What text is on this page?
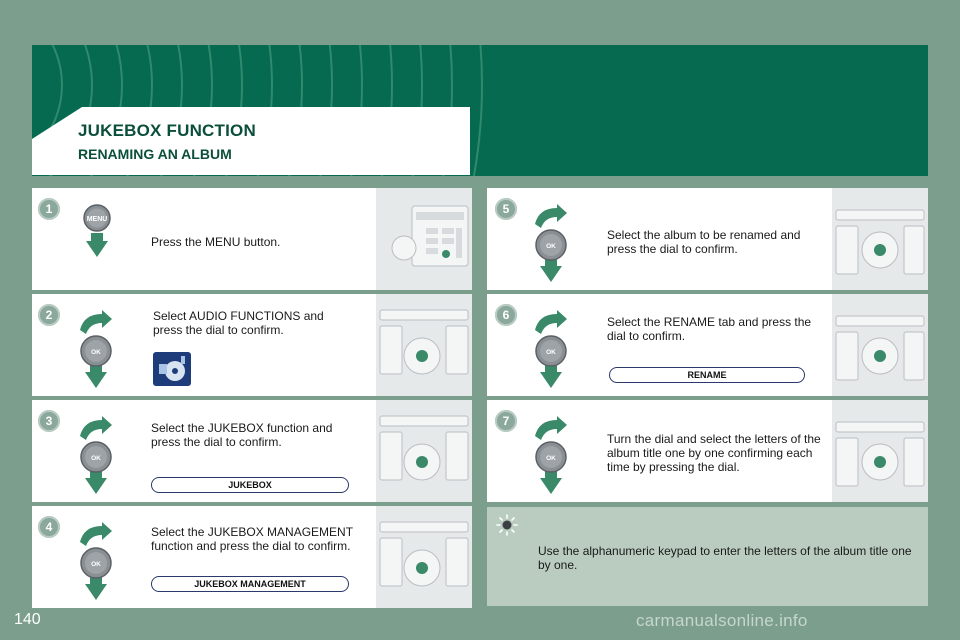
JUKEBOX FUNCTION
RENAMING AN ALBUM
1
MENU
Press the MENU button.
2
OK
Select AUDIO FUNCTIONS and press the dial to confirm.
3
OK
Select the JUKEBOX function and press the dial to confirm.
JUKEBOX
4
OK
Select the JUKEBOX MANAGEMENT function and press the dial to confirm.
JUKEBOX MANAGEMENT
5
OK
Select the album to be renamed and press the dial to confirm.
6
OK
Select the RENAME tab and press the dial to confirm.
RENAME
7
OK
Turn the dial and select the letters of the album title one by one confirming each time by pressing the dial.
Use the alphanumeric keypad to enter the letters of the album title one by one.
140	carmanualsonline.info
